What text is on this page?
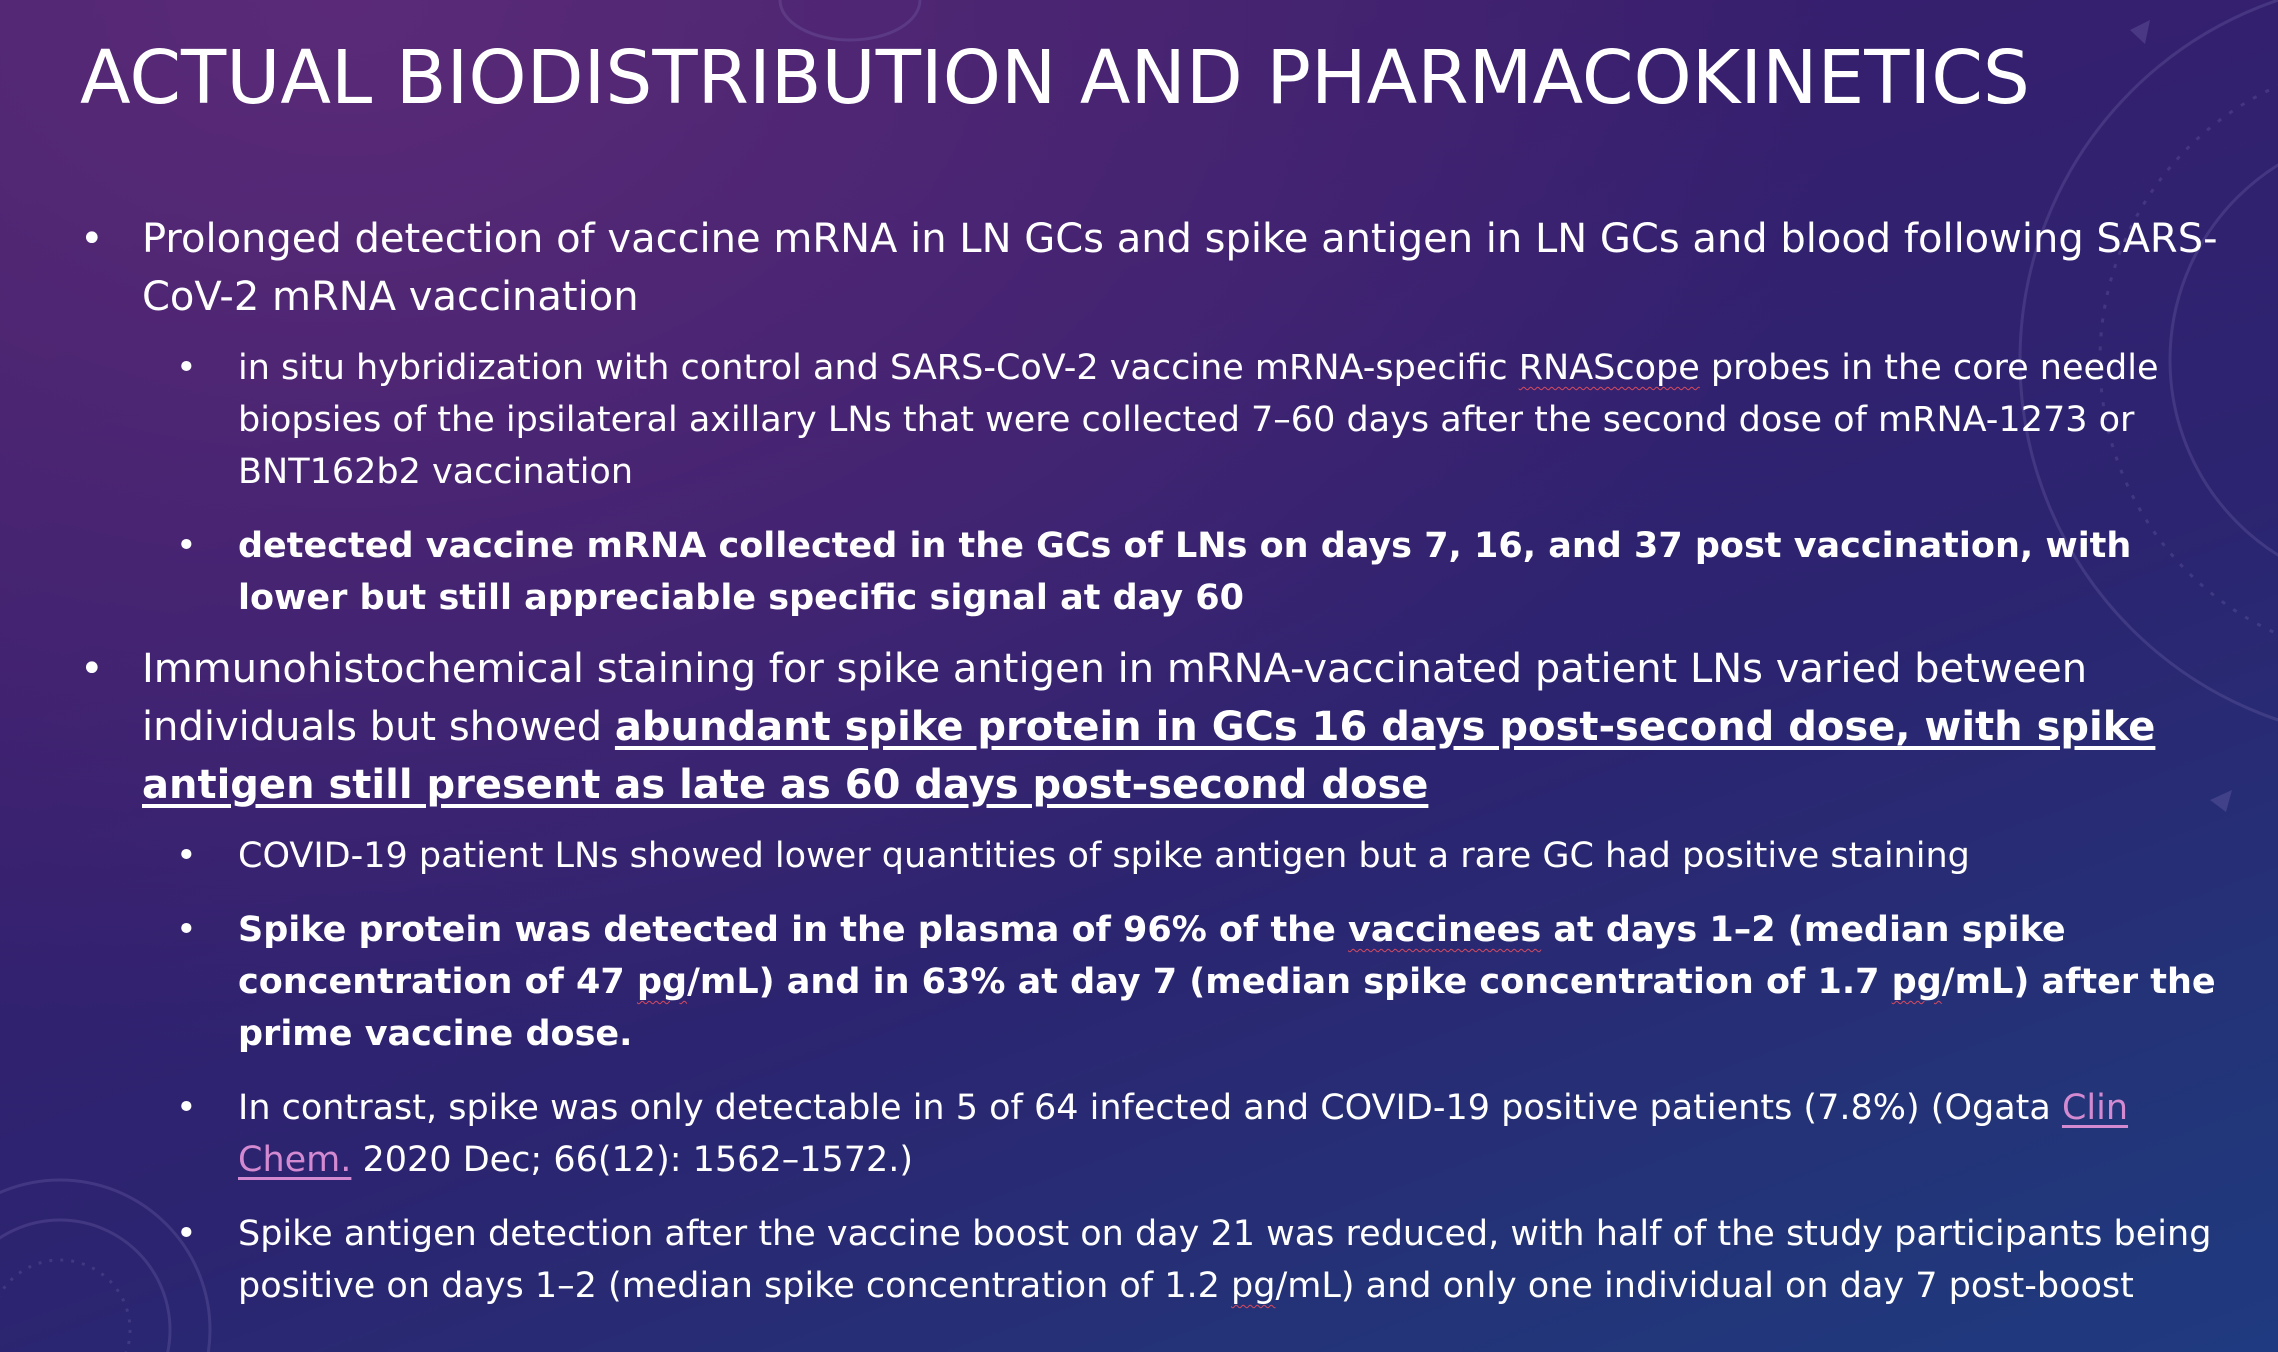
ACTUAL BIODISTRIBUTION AND PHARMACOKINETICS
• Prolonged detection of vaccine mRNA in LN GCs and spike antigen in LN GCs and blood following SARS-CoV-2 mRNA vaccination
• in situ hybridization with control and SARS-CoV-2 vaccine mRNA-specific RNAScope probes in the core needle biopsies of the ipsilateral axillary LNs that were collected 7–60 days after the second dose of mRNA-1273 or BNT162b2 vaccination
• detected vaccine mRNA collected in the GCs of LNs on days 7, 16, and 37 post vaccination, with lower but still appreciable specific signal at day 60
• Immunohistochemical staining for spike antigen in mRNA-vaccinated patient LNs varied between individuals but showed abundant spike protein in GCs 16 days post-second dose, with spike antigen still present as late as 60 days post-second dose
• COVID-19 patient LNs showed lower quantities of spike antigen but a rare GC had positive staining
• Spike protein was detected in the plasma of 96% of the vaccinees at days 1–2 (median spike concentration of 47 pg/mL) and in 63% at day 7 (median spike concentration of 1.7 pg/mL) after the prime vaccine dose.
• In contrast, spike was only detectable in 5 of 64 infected and COVID-19 positive patients (7.8%) (Ogata Clin Chem. 2020 Dec; 66(12): 1562–1572.)
• Spike antigen detection after the vaccine boost on day 21 was reduced, with half of the study participants being positive on days 1–2 (median spike concentration of 1.2 pg/mL) and only one individual on day 7 post-boost
